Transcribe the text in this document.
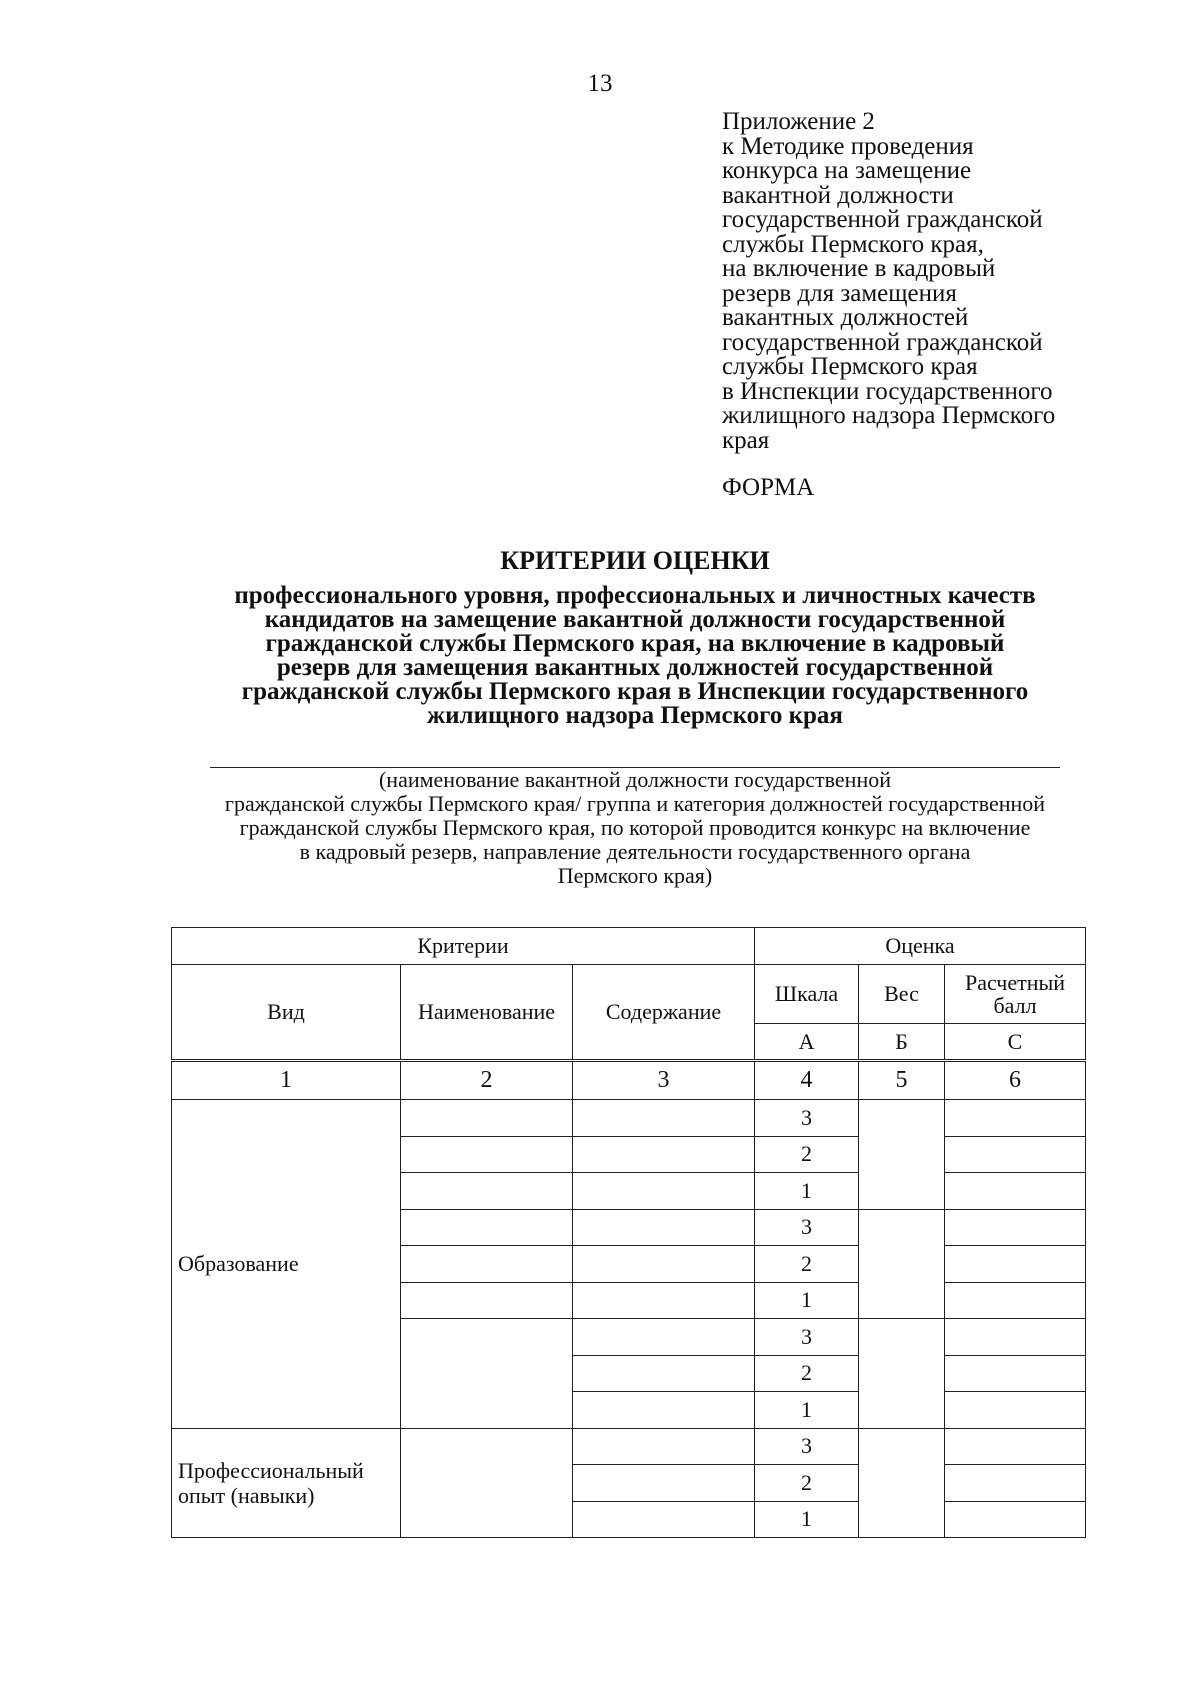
13
Приложение 2
к Методике проведения
конкурса на замещение
вакантной должности
государственной гражданской
службы Пермского края,
на включение в кадровый
резерв для замещения
вакантных должностей
государственной гражданской
службы Пермского края
в Инспекции государственного
жилищного надзора Пермского
края
ФОРМА
КРИТЕРИИ ОЦЕНКИ
профессионального уровня, профессиональных и личностных качеств
кандидатов на замещение вакантной должности государственной
гражданской службы Пермского края, на включение в кадровый
резерв для замещения вакантных должностей государственной
гражданской службы Пермского края в Инспекции государственного
жилищного надзора Пермского края
(наименование вакантной должности государственной
гражданской службы Пермского края/ группа и категория должностей государственной
гражданской службы Пермского края, по которой проводится конкурс на включение
в кадровый резерв, направление деятельности государственного органа
Пермского края)
Критерии			Оценка		
Вид	Наименование	Содержание	Шкала	Вес	Расчетный
балл

			А	Б	С
1	2	3	4	5	6
Образование			3		
			2		
			1		
			3		
			2		
			1		
			3		
			2		
			1		

Профессиональный
опыт (навыки)			3		
			2		
			1		
